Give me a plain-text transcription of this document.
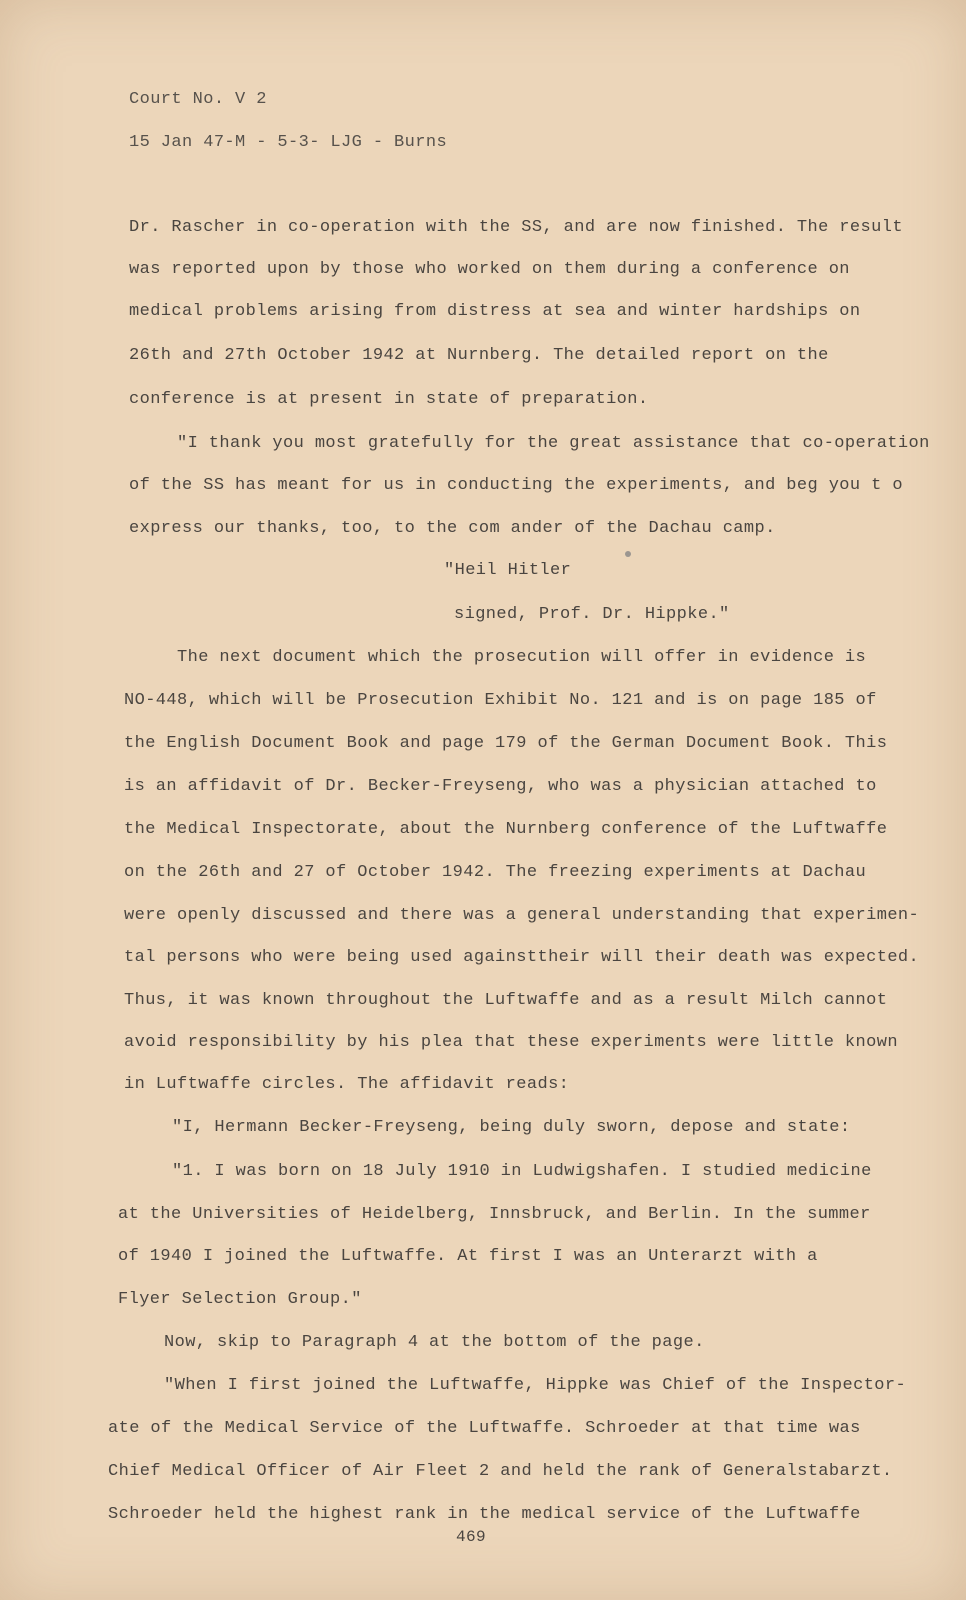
Court No. V 2
15 Jan 47-M - 5-3- LJG - Burns
Dr. Rascher in co-operation with the SS, and are now finished. The result
was reported upon by those who worked on them during a conference on
medical problems arising from distress at sea and winter hardships on
26th and 27th October 1942 at Nurnberg. The detailed report on the
conference is at present in state of preparation.
"I thank you most gratefully for the great assistance that co-operation
of the SS has meant for us in conducting the experiments, and beg you t o
express our thanks, too, to the com ander of the Dachau camp.
"Heil Hitler
signed, Prof. Dr. Hippke."
The next document which the prosecution will offer in evidence is
NO-448, which will be Prosecution Exhibit No. 121 and is on page 185 of
the English Document Book and page 179 of the German Document Book. This
is an affidavit of Dr. Becker-Freyseng, who was a physician attached to
the Medical Inspectorate, about the Nurnberg conference of the Luftwaffe
on the 26th and 27 of October 1942. The freezing experiments at Dachau
were openly discussed and there was a general understanding that experimen-
tal persons who were being used againsttheir will their death was expected.
Thus, it was known throughout the Luftwaffe and as a result Milch cannot
avoid responsibility by his plea that these experiments were little known
in Luftwaffe circles. The affidavit reads:
"I, Hermann Becker-Freyseng, being duly sworn, depose and state:
"1. I was born on 18 July 1910 in Ludwigshafen. I studied medicine
at the Universities of Heidelberg, Innsbruck, and Berlin. In the summer
of 1940 I joined the Luftwaffe. At first I was an Unterarzt with a
Flyer Selection Group."
Now, skip to Paragraph 4 at the bottom of the page.
"When I first joined the Luftwaffe, Hippke was Chief of the Inspector-
ate of the Medical Service of the Luftwaffe. Schroeder at that time was
Chief Medical Officer of Air Fleet 2 and held the rank of Generalstabarzt.
Schroeder held the highest rank in the medical service of the Luftwaffe
469
